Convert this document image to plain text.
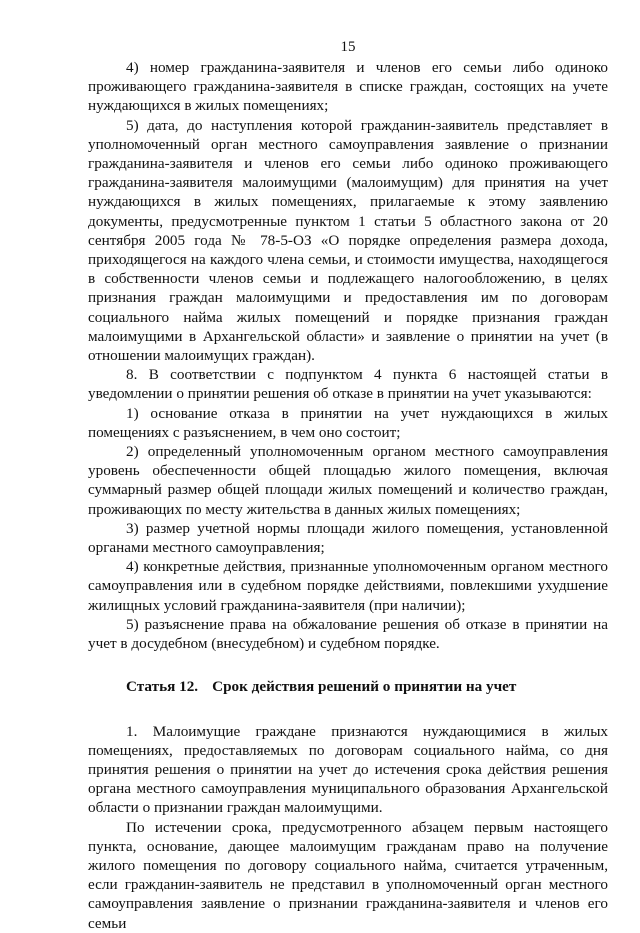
15

4) номер гражданина-заявителя и членов его семьи либо одиноко проживающего гражданина-заявителя в списке граждан, состоящих на учете нуждающихся в жилых помещениях;

5) дата, до наступления которой гражданин-заявитель представляет в уполномоченный орган местного самоуправления заявление о признании гражданина-заявителя и членов его семьи либо одиноко проживающего гражданина-заявителя малоимущими (малоимущим) для принятия на учет нуждающихся в жилых помещениях, прилагаемые к этому заявлению документы, предусмотренные пунктом 1 статьи 5 областного закона от 20 сентября 2005 года № 78-5-ОЗ «О порядке определения размера дохода, приходящегося на каждого члена семьи, и стоимости имущества, находящегося в собственности членов семьи и подлежащего налогообложению, в целях признания граждан малоимущими и предоставления им по договорам социального найма жилых помещений и порядке признания граждан малоимущими в Архангельской области» и заявление о принятии на учет (в отношении малоимущих граждан).

8. В соответствии с подпунктом 4 пункта 6 настоящей статьи в уведомлении о принятии решения об отказе в принятии на учет указываются:

1) основание отказа в принятии на учет нуждающихся в жилых помещениях с разъяснением, в чем оно состоит;

2) определенный уполномоченным органом местного самоуправления уровень обеспеченности общей площадью жилого помещения, включая суммарный размер общей площади жилых помещений и количество граждан, проживающих по месту жительства в данных жилых помещениях;

3) размер учетной нормы площади жилого помещения, установленной органами местного самоуправления;

4) конкретные действия, признанные уполномоченным органом местного самоуправления или в судебном порядке действиями, повлекшими ухудшение жилищных условий гражданина-заявителя (при наличии);

5) разъяснение права на обжалование решения об отказе в принятии на учет в досудебном (внесудебном) и судебном порядке.

Статья 12. Срок действия решений о принятии на учет

1. Малоимущие граждане признаются нуждающимися в жилых помещениях, предоставляемых по договорам социального найма, со дня принятия решения о принятии на учет до истечения срока действия решения органа местного самоуправления муниципального образования Архангельской области о признании граждан малоимущими.

По истечении срока, предусмотренного абзацем первым настоящего пункта, основание, дающее малоимущим гражданам право на получение жилого помещения по договору социального найма, считается утраченным, если гражданин-заявитель не представил в уполномоченный орган местного самоуправления заявление о признании гражданина-заявителя и членов его семьи
